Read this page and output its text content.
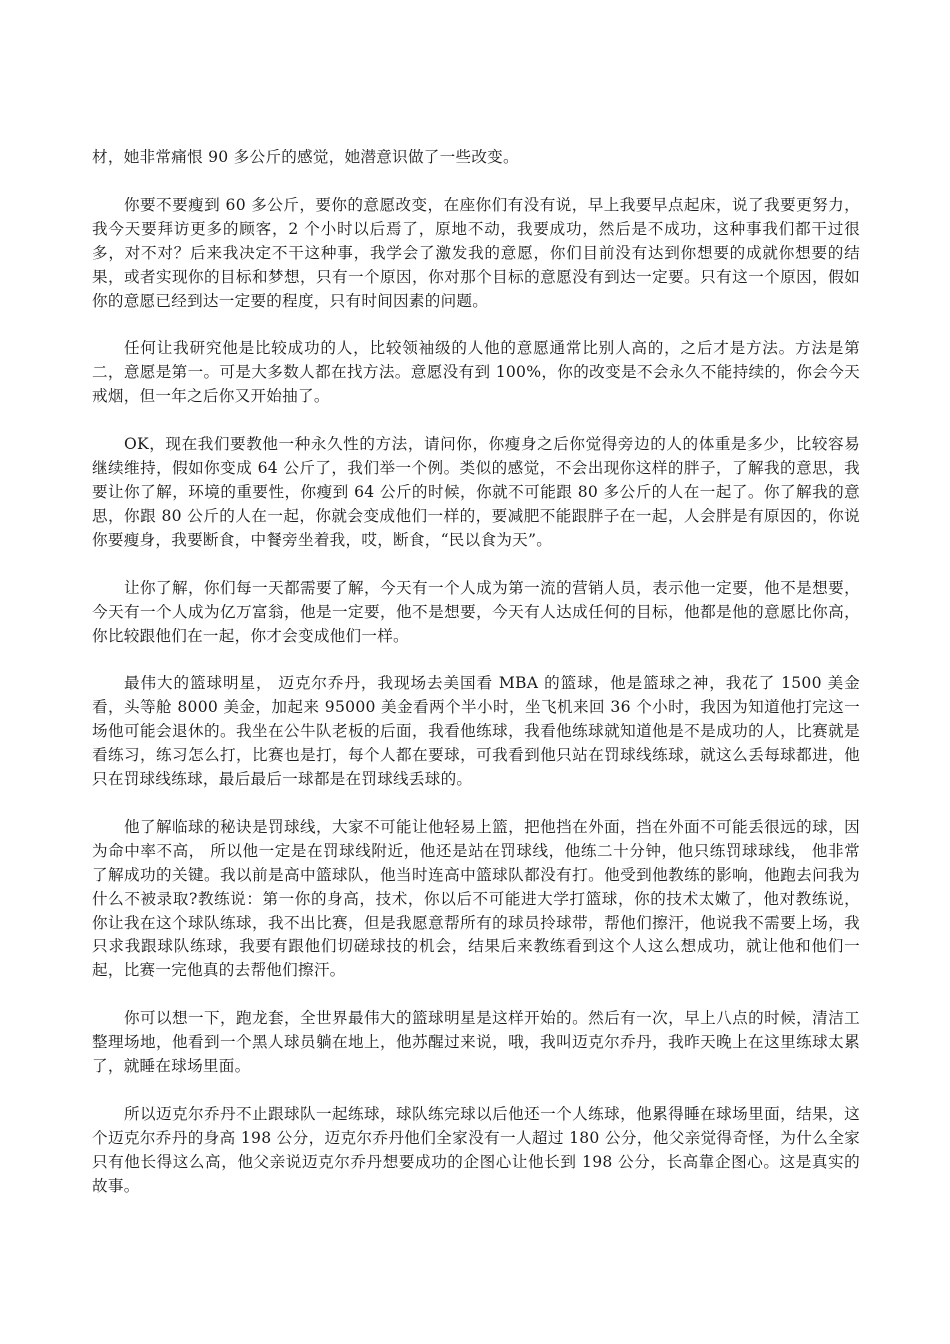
材，她非常痛恨 90 多公斤的感觉，她潜意识做了一些改变。

你要不要瘦到 60 多公斤，要你的意愿改变，在座你们有没有说，早上我要早点起床，说了我要更努力，我今天要拜访更多的顾客，2 个小时以后焉了，原地不动，我要成功，然后是不成功，这种事我们都干过很多，对不对？后来我决定不干这种事，我学会了激发我的意愿，你们目前没有达到你想要的成就你想要的结果，或者实现你的目标和梦想，只有一个原因，你对那个目标的意愿没有到达一定要。只有这一个原因，假如你的意愿已经到达一定要的程度，只有时间因素的问题。

任何让我研究他是比较成功的人，比较领袖级的人他的意愿通常比别人高的，之后才是方法。方法是第二，意愿是第一。可是大多数人都在找方法。意愿没有到 100%，你的改变是不会永久不能持续的，你会今天戒烟，但一年之后你又开始抽了。

OK，现在我们要教他一种永久性的方法，请问你，你瘦身之后你觉得旁边的人的体重是多少，比较容易继续维持，假如你变成 64 公斤了，我们举一个例。类似的感觉，不会出现你这样的胖子，了解我的意思，我要让你了解，环境的重要性，你瘦到 64 公斤的时候，你就不可能跟 80 多公斤的人在一起了。你了解我的意思，你跟 80 公斤的人在一起，你就会变成他们一样的，要减肥不能跟胖子在一起，人会胖是有原因的，你说你要瘦身，我要断食，中餐旁坐着我，哎，断食，“民以食为天”。

让你了解，你们每一天都需要了解，今天有一个人成为第一流的营销人员，表示他一定要，他不是想要，今天有一个人成为亿万富翁，他是一定要，他不是想要，今天有人达成任何的目标，他都是他的意愿比你高，你比较跟他们在一起，你才会变成他们一样。

最伟大的篮球明星， 迈克尔乔丹，我现场去美国看 MBA 的篮球，他是篮球之神，我花了 1500 美金看，头等舱 8000 美金，加起来 95000 美金看两个半小时，坐飞机来回 36 个小时，我因为知道他打完这一场他可能会退休的。我坐在公牛队老板的后面，我看他练球，我看他练球就知道他是不是成功的人，比赛就是看练习，练习怎么打，比赛也是打，每个人都在要球，可我看到他只站在罚球线练球，就这么丢每球都进，他只在罚球线练球，最后最后一球都是在罚球线丢球的。

他了解临球的秘诀是罚球线，大家不可能让他轻易上篮，把他挡在外面，挡在外面不可能丢很远的球，因为命中率不高， 所以他一定是在罚球线附近，他还是站在罚球线，他练二十分钟，他只练罚球球线， 他非常了解成功的关键。我以前是高中篮球队，他当时连高中篮球队都没有打。他受到他教练的影响，他跑去问我为什么不被录取?教练说：第一你的身高，技术，你以后不可能进大学打篮球，你的技术太嫩了，他对教练说，你让我在这个球队练球，我不出比赛，但是我愿意帮所有的球员拎球带，帮他们擦汗，他说我不需要上场，我只求我跟球队练球，我要有跟他们切磋球技的机会，结果后来教练看到这个人这么想成功，就让他和他们一起，比赛一完他真的去帮他们擦汗。

你可以想一下，跑龙套，全世界最伟大的篮球明星是这样开始的。然后有一次，早上八点的时候，清洁工整理场地，他看到一个黑人球员躺在地上，他苏醒过来说，哦，我叫迈克尔乔丹，我昨天晚上在这里练球太累了，就睡在球场里面。

所以迈克尔乔丹不止跟球队一起练球，球队练完球以后他还一个人练球，他累得睡在球场里面，结果，这个迈克尔乔丹的身高 198 公分，迈克尔乔丹他们全家没有一人超过 180 公分，他父亲觉得奇怪，为什么全家只有他长得这么高，他父亲说迈克尔乔丹想要成功的企图心让他长到 198 公分，长高靠企图心。这是真实的故事。
